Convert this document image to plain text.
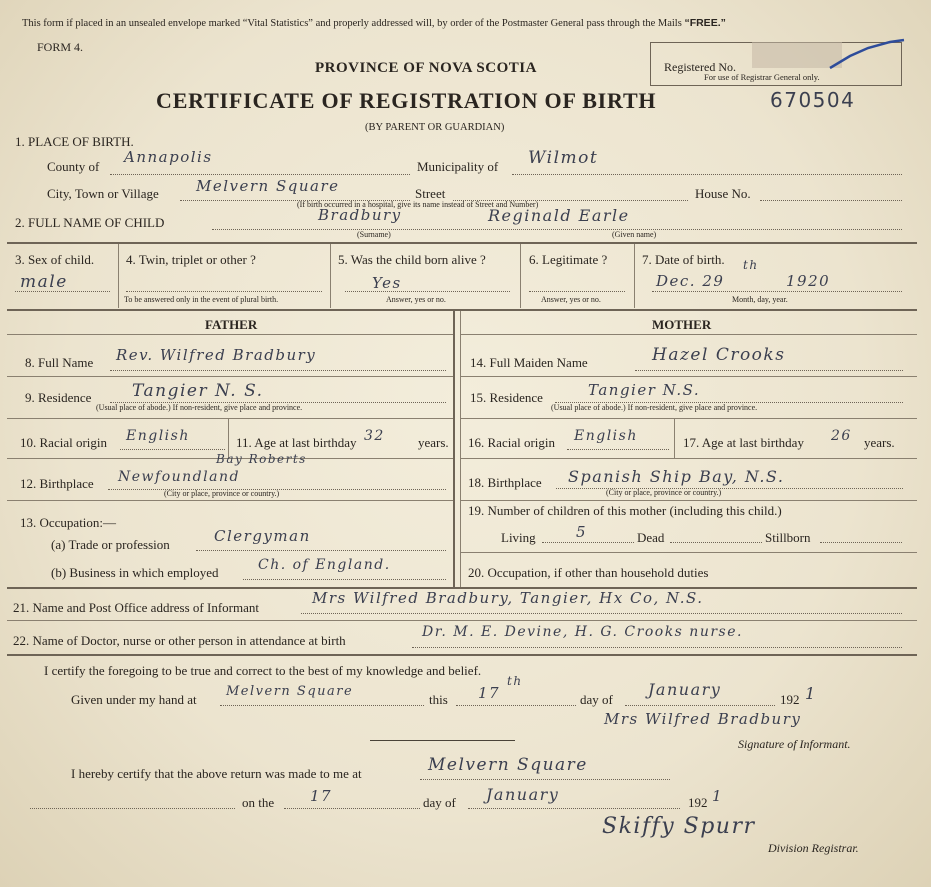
This form if placed in an unsealed envelope marked “Vital Statistics” and properly addressed will, by order of the Postmaster General pass through the Mails “FREE.”
FORM 4.
PROVINCE OF NOVA SCOTIA	Registered No.
For use of Registrar General only.
CERTIFICATE OF REGISTRATION OF BIRTH	670504
(BY PARENT OR GUARDIAN)
1. PLACE OF BIRTH.
County of
Annapolis
Municipality of Wilmot
City, Town or Village Melvern Square	Street	House No.
(If birth occurred in a hospital, give its name instead of Street and Number)
2. FULL NAME OF CHILD	Bradbury	Reginald Earle
(Surname)	(Given name)
3. Sex of child.
male
4. Twin, triplet or other ?
To be answered only in the event of plural birth.
5. Was the child born alive ?
Yes
Answer, yes or no.
6. Legitimate ?
Answer, yes or no.
7. Date of birth.
Dec. 29
th
1920
Month, day, year.
FATHER	MOTHER
8. Full Name Rev. Wilfred Bradbury	14. Full Maiden Name	Hazel Crooks
9. Residence Tangier N. S.
(Usual place of abode.) If non-resident, give place and province.
15. Residence	Tangier N.S.
(Usual place of abode.) If non-resident, give place and province.
10. Racial origin English	11. Age at last birthday 32	years. 16. Racial origin English	17. Age at last birthday 26 years.
12. Birthplace
Bay Roberts
Newfoundland
(City or place, province or country.)
18. Birthplace Spanish Ship Bay, N.S.
(City or place, province or country.)
13. Occupation:—
(a) Trade or profession	Clergyman
(b) Business in which employed	Ch. of England.
19. Number of children of this mother (including this child.)
Living	5	Dead	Stillborn
20. Occupation, if other than household duties
21. Name and Post Office address of Informant
Mrs Wilfred Bradbury, Tangier, Hx Co, N.S.
22. Name of Doctor, nurse or other person in attendance at birth
Dr. M. E. Devine, H. G. Crooks nurse.
I certify the foregoing to be true and correct to the best of my knowledge and belief.
Given under my hand at
Melvern Square
this 17
th
day of
January
192 1
Mrs Wilfred Bradbury
Signature of Informant.
I hereby certify that the above return was made to me at	Melvern Square
on the 17	day of January	192 1
Skiffy Spurr
Division Registrar.
